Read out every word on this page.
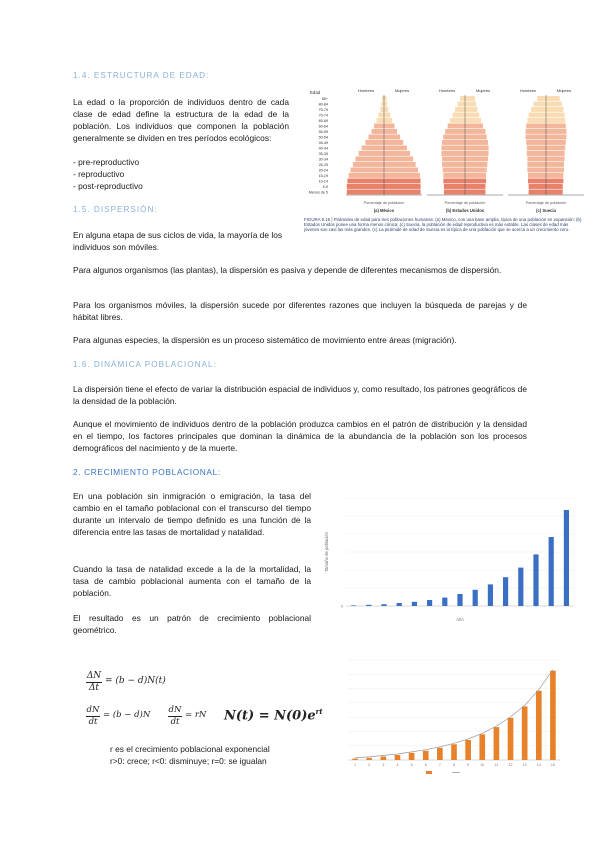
1.4. ESTRUCTURA DE EDAD:
La edad o la proporción de individuos dentro de cada clase de edad define la estructura de la edad de la población. Los individuos que componen la población generalmente se dividen en tres períodos ecológicos:
- pre-reproductivo
- reproductivo
- post-reproductivo
Edad
85+
80-84
75-79
70-74
65-69
60-64
55-59
50-54
45-49
40-44
35-39
30-34
25-29
20-24
15-19
10-14
5-9
Menos de 5
Hombres	Mujeres
Porcentaje de población
(a) México
Hombres	Mujeres
Porcentaje de población
(b) Estados Unidos
Hombres	Mujeres
Porcentaje de población
(c) Suecia
FIGURA 9.15 | Pirámides de edad para tres poblaciones humanas: (a) México, con una base amplia, típica de una población en expansión; (b) Estados Unidos posee una forma menos cónica; (c) Suecia, la población de edad reproductiva es más estable. Las clases de edad más jóvenes son casi las más grandes. (c) La pirámide de edad de Suecia es la típica de una población que se acerca a un crecimiento cero.
1.5. DISPERSIÓN:
En alguna etapa de sus ciclos de vida, la mayoría de los individuos son móviles.
Para algunos organismos (las plantas), la dispersión es pasiva y depende de diferentes mecanismos de dispersión.
Para los organismos móviles, la dispersión sucede por diferentes razones que incluyen la búsqueda de parejas y de hábitat libres.
Para algunas especies, la dispersión es un proceso sistemático de movimiento entre áreas (migración).
1.6. DINÁMICA POBLACIONAL:
La dispersión tiene el efecto de variar la distribución espacial de individuos y, como resultado, los patrones geográficos de la densidad de la población.
Aunque el movimiento de individuos dentro de la población produzca cambios en el patrón de distribución y la densidad en el tiempo, los factores principales que dominan la dinámica de la abundancia de la población son los procesos demográficos del nacimiento y de la muerte.
2. CRECIMIENTO POBLACIONAL:
En una población sin inmigración o emigración, la tasa del cambio en el tamaño poblacional con el transcurso del tiempo durante un intervalo de tiempo definido es una función de la diferencia entre las tasas de mortalidad y natalidad.
Cuando la tasa de natalidad excede a la de la mortalidad, la tasa de cambio poblacional aumenta con el tamaño de la población.
El resultado es un patrón de crecimiento poblacional geométrico.
Tamaño de población
0
Año
ΔN
Δt
= (b − d)N(t)
dN
dt
= (b − d)N dN
dt
= rN $N(t) = N(0)e^{rt}$
r es el crecimiento poblacional exponencial
r>0: crece; r<0: disminuye; r=0: se igualan	1	2	3	4	5	6	7	8	9	10	11	12	13	14	15
